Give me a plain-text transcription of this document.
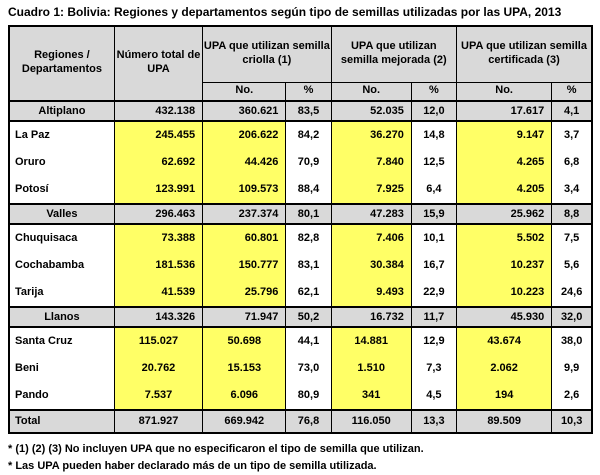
Cuadro 1: Bolivia: Regiones y departamentos según tipo de semillas utilizadas por las UPA, 2013
Regiones / Departamentos	Número total de UPA	UPA que utilizan semilla criolla (1)		UPA que utilizan semilla mejorada (2)		UPA que utilizan semilla certificada (3)	
		No.	%	No.	%	No.	%
Altiplano	432.138	360.621	83,5	52.035	12,0	17.617	4,1
La Paz	245.455	206.622	84,2	36.270	14,8	9.147	3,7
Oruro	62.692	44.426	70,9	7.840	12,5	4.265	6,8
Potosí	123.991	109.573	88,4	7.925	6,4	4.205	3,4
Valles	296.463	237.374	80,1	47.283	15,9	25.962	8,8
Chuquisaca	73.388	60.801	82,8	7.406	10,1	5.502	7,5
Cochabamba	181.536	150.777	83,1	30.384	16,7	10.237	5,6
Tarija	41.539	25.796	62,1	9.493	22,9	10.223	24,6
Llanos	143.326	71.947	50,2	16.732	11,7	45.930	32,0
Santa Cruz	115.027	50.698	44,1	14.881	12,9	43.674	38,0
Beni	20.762	15.153	73,0	1.510	7,3	2.062	9,9
Pando	7.537	6.096	80,9	341	4,5	194	2,6
Total	871.927	669.942	76,8	116.050	13,3	89.509	10,3
* (1) (2) (3) No incluyen UPA que no especificaron el tipo de semilla que utilizan.
* Las UPA pueden haber declarado más de un tipo de semilla utilizada.
